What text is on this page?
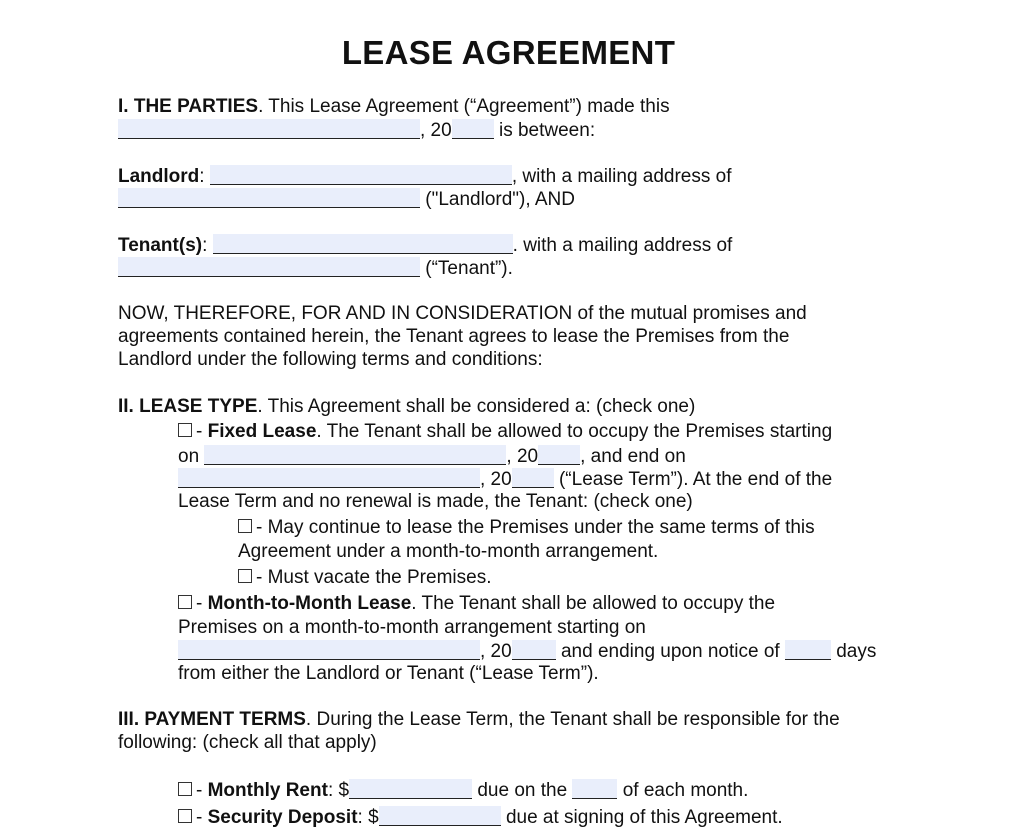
LEASE AGREEMENT
I. THE PARTIES. This Lease Agreement (“Agreement”) made this
, 20 is between:
Landlord:	, with a mailing address of
("Landlord"), AND
Tenant(s):	. with a mailing address of
(“Tenant”).
NOW, THEREFORE, FOR AND IN CONSIDERATION of the mutual promises and
agreements contained herein, the Tenant agrees to lease the Premises from the
Landlord under the following terms and conditions:
II. LEASE TYPE. This Agreement shall be considered a: (check one)
- Fixed Lease. The Tenant shall be allowed to occupy the Premises starting
on	, 20 , and end on
, 20 (“Lease Term”). At the end of the
Lease Term and no renewal is made, the Tenant: (check one)
- May continue to lease the Premises under the same terms of this
Agreement under a month-to-month arrangement.
- Must vacate the Premises.
- Month-to-Month Lease. The Tenant shall be allowed to occupy the
Premises on a month-to-month arrangement starting on
, 20 and ending upon notice of  days
from either the Landlord or Tenant (“Lease Term”).
III. PAYMENT TERMS. During the Lease Term, the Tenant shall be responsible for the
following: (check all that apply)
- Monthly Rent: $	due on the  of each month.
- Security Deposit: $	due at signing of this Agreement.
